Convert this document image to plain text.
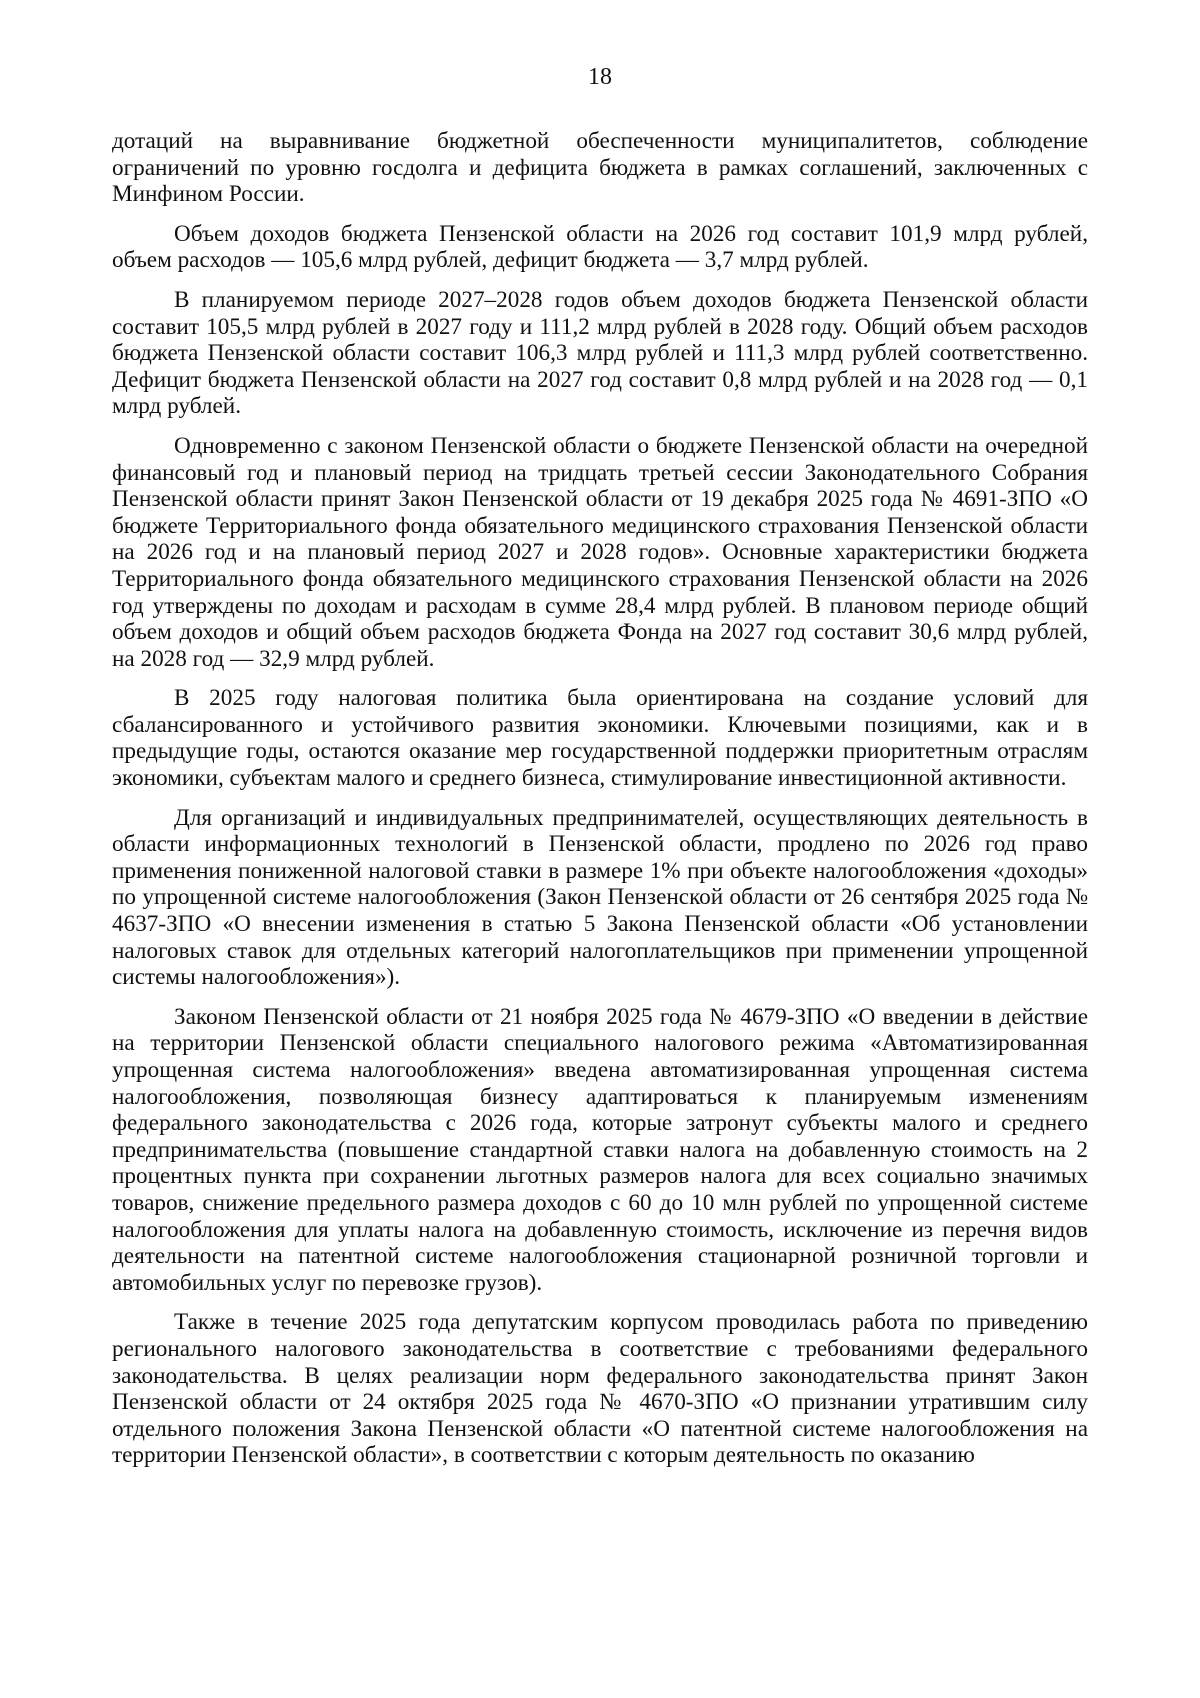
18

дотаций на выравнивание бюджетной обеспеченности муниципалитетов, соблюдение ограничений по уровню госдолга и дефицита бюджета в рамках соглашений, заключенных с Минфином России.

Объем доходов бюджета Пензенской области на 2026 год составит 101,9 млрд рублей, объем расходов — 105,6 млрд рублей, дефицит бюджета — 3,7 млрд рублей.

В планируемом периоде 2027–2028 годов объем доходов бюджета Пензенской области составит 105,5 млрд рублей в 2027 году и 111,2 млрд рублей в 2028 году. Общий объем расходов бюджета Пензенской области составит 106,3 млрд рублей и 111,3 млрд рублей соответственно. Дефицит бюджета Пензенской области на 2027 год составит 0,8 млрд рублей и на 2028 год — 0,1 млрд рублей.

Одновременно с законом Пензенской области о бюджете Пензенской области на очередной финансовый год и плановый период на тридцать третьей сессии Законодательного Собрания Пензенской области принят Закон Пензенской области от 19 декабря 2025 года № 4691-ЗПО «О бюджете Территориального фонда обязательного медицинского страхования Пензенской области на 2026 год и на плановый период 2027 и 2028 годов». Основные характеристики бюджета Территориального фонда обязательного медицинского страхования Пензенской области на 2026 год утверждены по доходам и расходам в сумме 28,4 млрд рублей. В плановом периоде общий объем доходов и общий объем расходов бюджета Фонда на 2027 год составит 30,6 млрд рублей, на 2028 год — 32,9 млрд рублей.

В 2025 году налоговая политика была ориентирована на создание условий для сбалансированного и устойчивого развития экономики. Ключевыми позициями, как и в предыдущие годы, остаются оказание мер государственной поддержки приоритетным отраслям экономики, субъектам малого и среднего бизнеса, стимулирование инвестиционной активности.

Для организаций и индивидуальных предпринимателей, осуществляющих деятельность в области информационных технологий в Пензенской области, продлено по 2026 год право применения пониженной налоговой ставки в размере 1% при объекте налогообложения «доходы» по упрощенной системе налогообложения (Закон Пензенской области от 26 сентября 2025 года № 4637-ЗПО «О внесении изменения в статью 5 Закона Пензенской области «Об установлении налоговых ставок для отдельных категорий налогоплательщиков при применении упрощенной системы налогообложения»).

Законом Пензенской области от 21 ноября 2025 года № 4679-ЗПО «О введении в действие на территории Пензенской области специального налогового режима «Автоматизированная упрощенная система налогообложения» введена автоматизированная упрощенная система налогообложения, позволяющая бизнесу адаптироваться к планируемым изменениям федерального законодательства с 2026 года, которые затронут субъекты малого и среднего предпринимательства (повышение стандартной ставки налога на добавленную стоимость на 2 процентных пункта при сохранении льготных размеров налога для всех социально значимых товаров, снижение предельного размера доходов с 60 до 10 млн рублей по упрощенной системе налогообложения для уплаты налога на добавленную стоимость, исключение из перечня видов деятельности на патентной системе налогообложения стационарной розничной торговли и автомобильных услуг по перевозке грузов).

Также в течение 2025 года депутатским корпусом проводилась работа по приведению регионального налогового законодательства в соответствие с требованиями федерального законодательства. В целях реализации норм федерального законодательства принят Закон Пензенской области от 24 октября 2025 года № 4670-ЗПО «О признании утратившим силу отдельного положения Закона Пензенской области «О патентной системе налогообложения на территории Пензенской области», в соответствии с которым деятельность по оказанию
